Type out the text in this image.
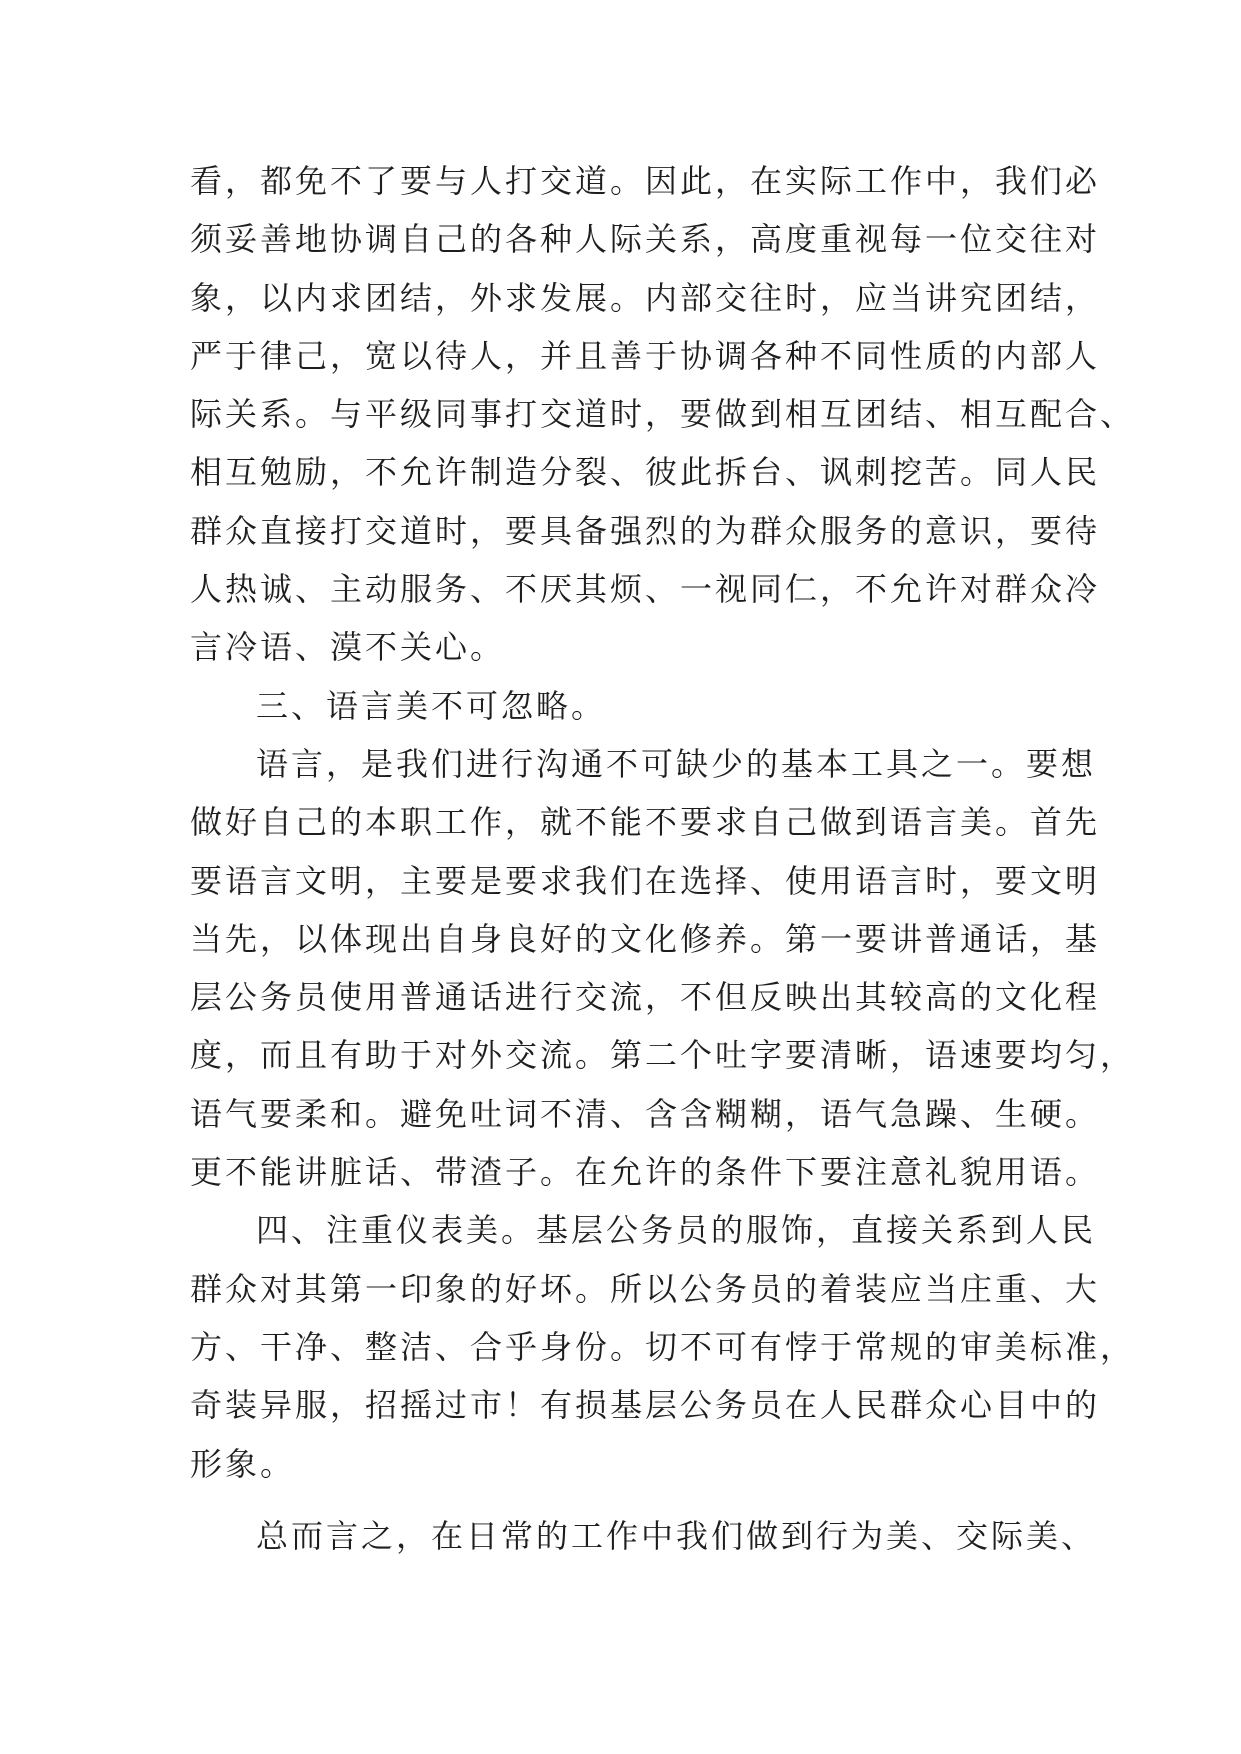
看，都免不了要与人打交道。因此，在实际工作中，我们必
须妥善地协调自己的各种人际关系，高度重视每一位交往对
象，以内求团结，外求发展。内部交往时，应当讲究团结，
严于律己，宽以待人，并且善于协调各种不同性质的内部人
际关系。与平级同事打交道时，要做到相互团结、相互配合、
相互勉励，不允许制造分裂、彼此拆台、讽刺挖苦。同人民
群众直接打交道时，要具备强烈的为群众服务的意识，要待
人热诚、主动服务、不厌其烦、一视同仁，不允许对群众冷
言冷语、漠不关心。
三、语言美不可忽略。
语言，是我们进行沟通不可缺少的基本工具之一。要想
做好自己的本职工作，就不能不要求自己做到语言美。首先
要语言文明，主要是要求我们在选择、使用语言时，要文明
当先，以体现出自身良好的文化修养。第一要讲普通话，基
层公务员使用普通话进行交流，不但反映出其较高的文化程
度，而且有助于对外交流。第二个吐字要清晰，语速要均匀，
语气要柔和。避免吐词不清、含含糊糊，语气急躁、生硬。
更不能讲脏话、带渣子。在允许的条件下要注意礼貌用语。
四、注重仪表美。基层公务员的服饰，直接关系到人民
群众对其第一印象的好坏。所以公务员的着装应当庄重、大
方、干净、整洁、合乎身份。切不可有悖于常规的审美标准，
奇装异服，招摇过市！有损基层公务员在人民群众心目中的
形象。
总而言之，在日常的工作中我们做到行为美、交际美、
